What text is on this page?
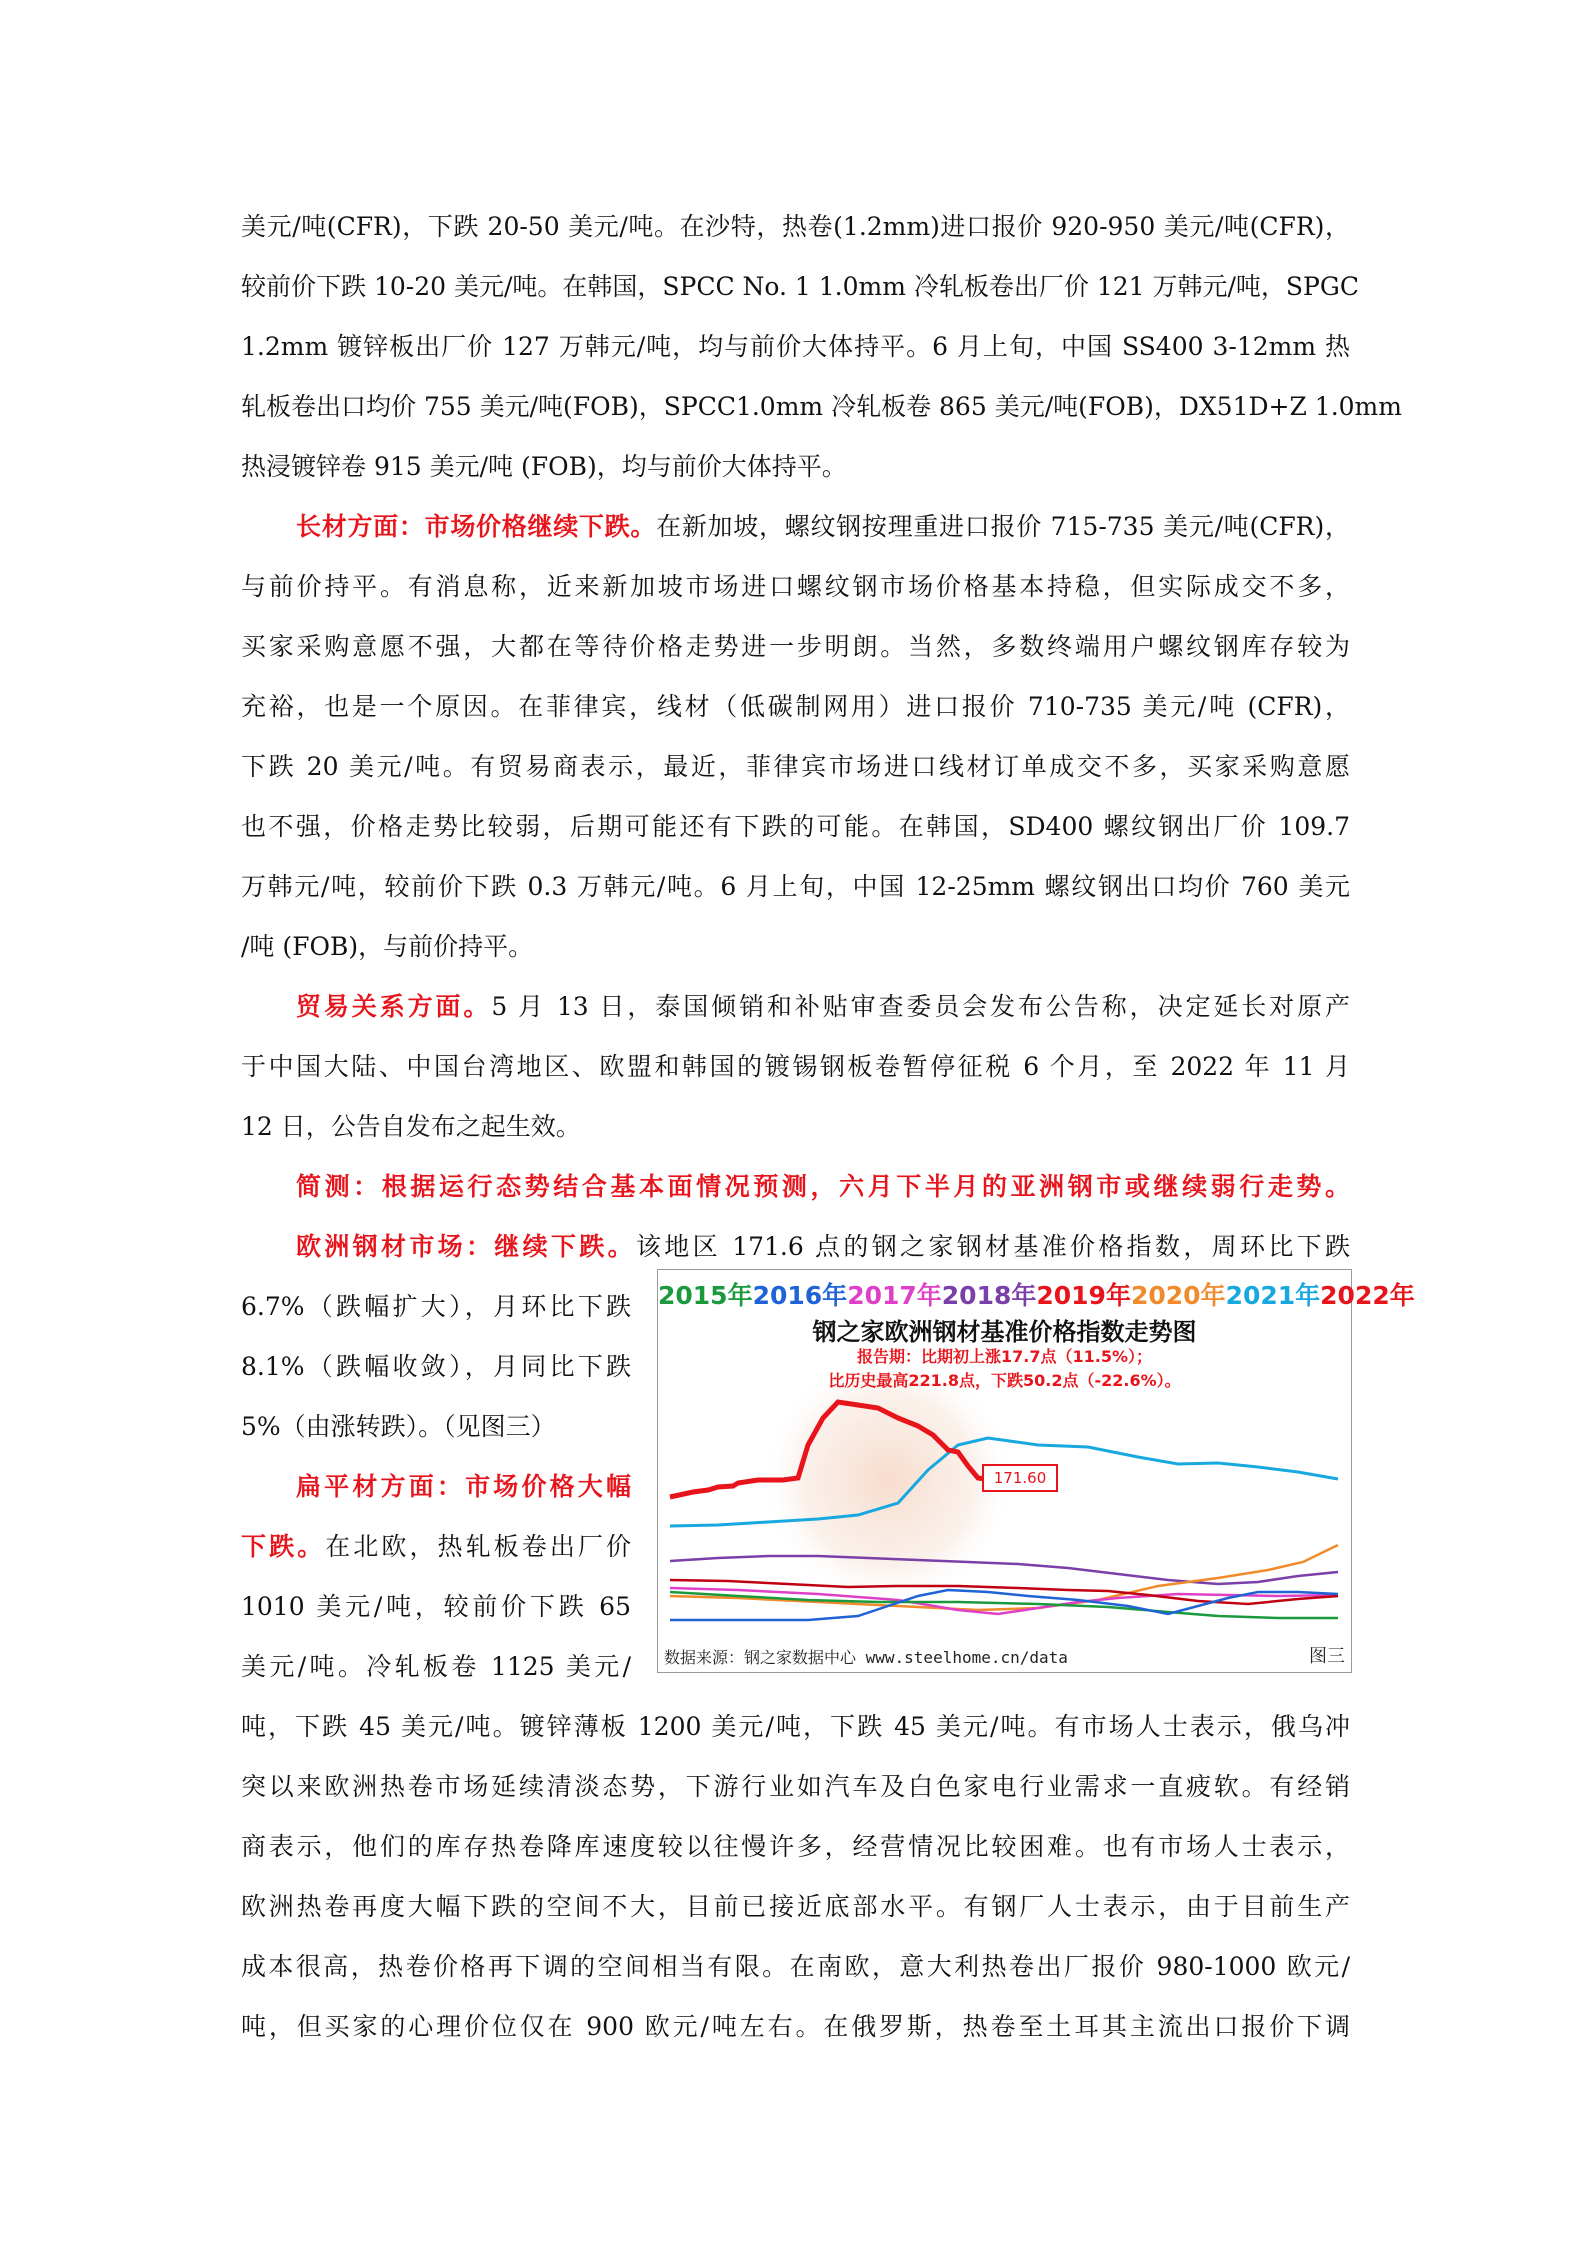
美元/吨(CFR)，下跌 20-50 美元/吨。在沙特，热卷(1.2mm)进口报价 920-950 美元/吨(CFR)，
较前价下跌 10-20 美元/吨。在韩国，SPCC No. 1 1.0mm 冷轧板卷出厂价 121 万韩元/吨，SPGC
1.2mm 镀锌板出厂价 127 万韩元/吨，均与前价大体持平。6 月上旬，中国 SS400 3-12mm 热
轧板卷出口均价 755 美元/吨(FOB)，SPCC1.0mm 冷轧板卷 865 美元/吨(FOB)，DX51D+Z 1.0mm
热浸镀锌卷 915 美元/吨 (FOB)，均与前价大体持平。
长材方面：市场价格继续下跌。在新加坡，螺纹钢按理重进口报价 715-735 美元/吨(CFR)，
与前价持平。有消息称，近来新加坡市场进口螺纹钢市场价格基本持稳，但实际成交不多，
买家采购意愿不强，大都在等待价格走势进一步明朗。当然，多数终端用户螺纹钢库存较为
充裕，也是一个原因。在菲律宾，线材（低碳制网用）进口报价 710-735 美元/吨 (CFR)，
下跌 20 美元/吨。有贸易商表示，最近，菲律宾市场进口线材订单成交不多，买家采购意愿
也不强，价格走势比较弱，后期可能还有下跌的可能。在韩国，SD400 螺纹钢出厂价 109.7
万韩元/吨，较前价下跌 0.3 万韩元/吨。6 月上旬，中国 12-25mm 螺纹钢出口均价 760 美元
/吨 (FOB)，与前价持平。
贸易关系方面。5 月 13 日，泰国倾销和补贴审查委员会发布公告称，决定延长对原产
于中国大陆、中国台湾地区、欧盟和韩国的镀锡钢板卷暂停征税 6 个月，至 2022 年 11 月
12 日，公告自发布之起生效。
简测：根据运行态势结合基本面情况预测，六月下半月的亚洲钢市或继续弱行走势。
欧洲钢材市场：继续下跌。该地区 171.6 点的钢之家钢材基准价格指数，周环比下跌
6.7%（跌幅扩大），月环比下跌
8.1%（跌幅收敛），月同比下跌
5%（由涨转跌）。（见图三）
扁平材方面：市场价格大幅
下跌。在北欧，热轧板卷出厂价
1010 美元/吨，较前价下跌 65
美元/吨。冷轧板卷 1125 美元/
吨，下跌 45 美元/吨。镀锌薄板 1200 美元/吨，下跌 45 美元/吨。有市场人士表示，俄乌冲
突以来欧洲热卷市场延续清淡态势，下游行业如汽车及白色家电行业需求一直疲软。有经销
商表示，他们的库存热卷降库速度较以往慢许多，经营情况比较困难。也有市场人士表示，
欧洲热卷再度大幅下跌的空间不大，目前已接近底部水平。有钢厂人士表示，由于目前生产
成本很高，热卷价格再下调的空间相当有限。在南欧，意大利热卷出厂报价 980-1000 欧元/
吨，但买家的心理价位仅在 900 欧元/吨左右。在俄罗斯，热卷至土耳其主流出口报价下调
2015年2016年2017年2018年2019年2020年2021年2022年
钢之家欧洲钢材基准价格指数走势图
报告期：比期初上涨17.7点（11.5%）；
比历史最高221.8点，下跌50.2点（-22.6%）。
171.60
数据来源：钢之家数据中心 www.steelhome.cn/data	图三
